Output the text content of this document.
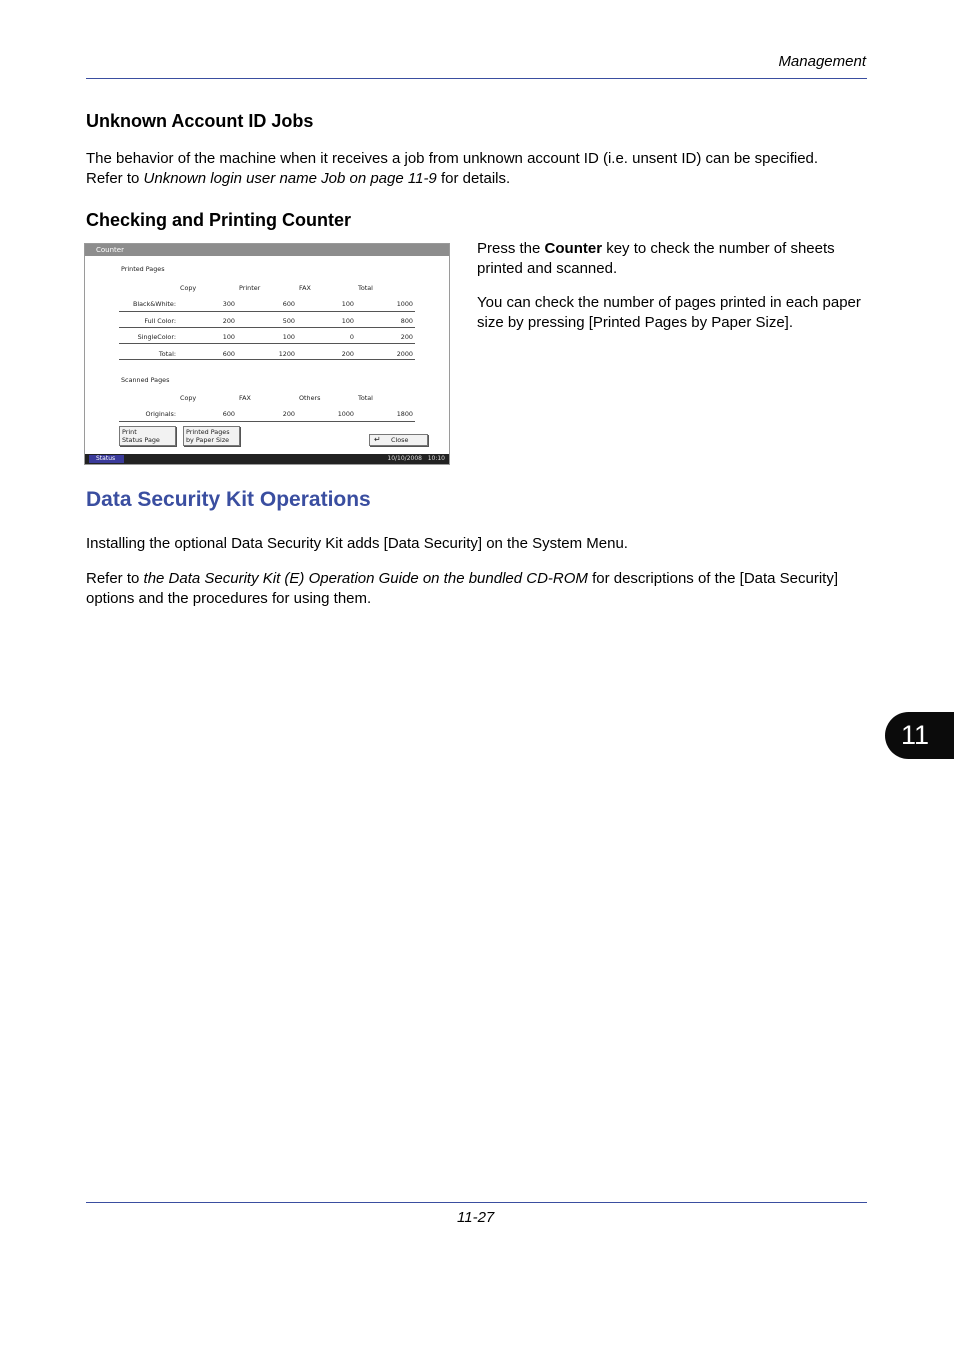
Management
Unknown Account ID Jobs
The behavior of the machine when it receives a job from unknown account ID (i.e. unsent ID) can be specified.
Refer to Unknown login user name Job on page 11-9 for details.
Checking and Printing Counter
Press the Counter key to check the number of sheets printed and scanned.
You can check the number of pages printed in each paper size by pressing [Printed Pages by Paper Size].
Counter
Printed Pages
Copy	Printer	FAX	Total
Black&White:	300	600	100	1000
Full Color:	200	500	100	800
SingleColor:	100	100	0	200
Total:	600	1200	200	2000
Scanned Pages
Copy	FAX	Others	Total
Originals:	600	200	1000	1800
Print
Status Page
Printed Pages
by Paper Size	↵ Close
Status	10/10/2008 10:10
Data Security Kit Operations
Installing the optional Data Security Kit adds [Data Security] on the System Menu.
Refer to the Data Security Kit (E) Operation Guide on the bundled CD-ROM for descriptions of the [Data Security] options and the procedures for using them.
11
11-27
